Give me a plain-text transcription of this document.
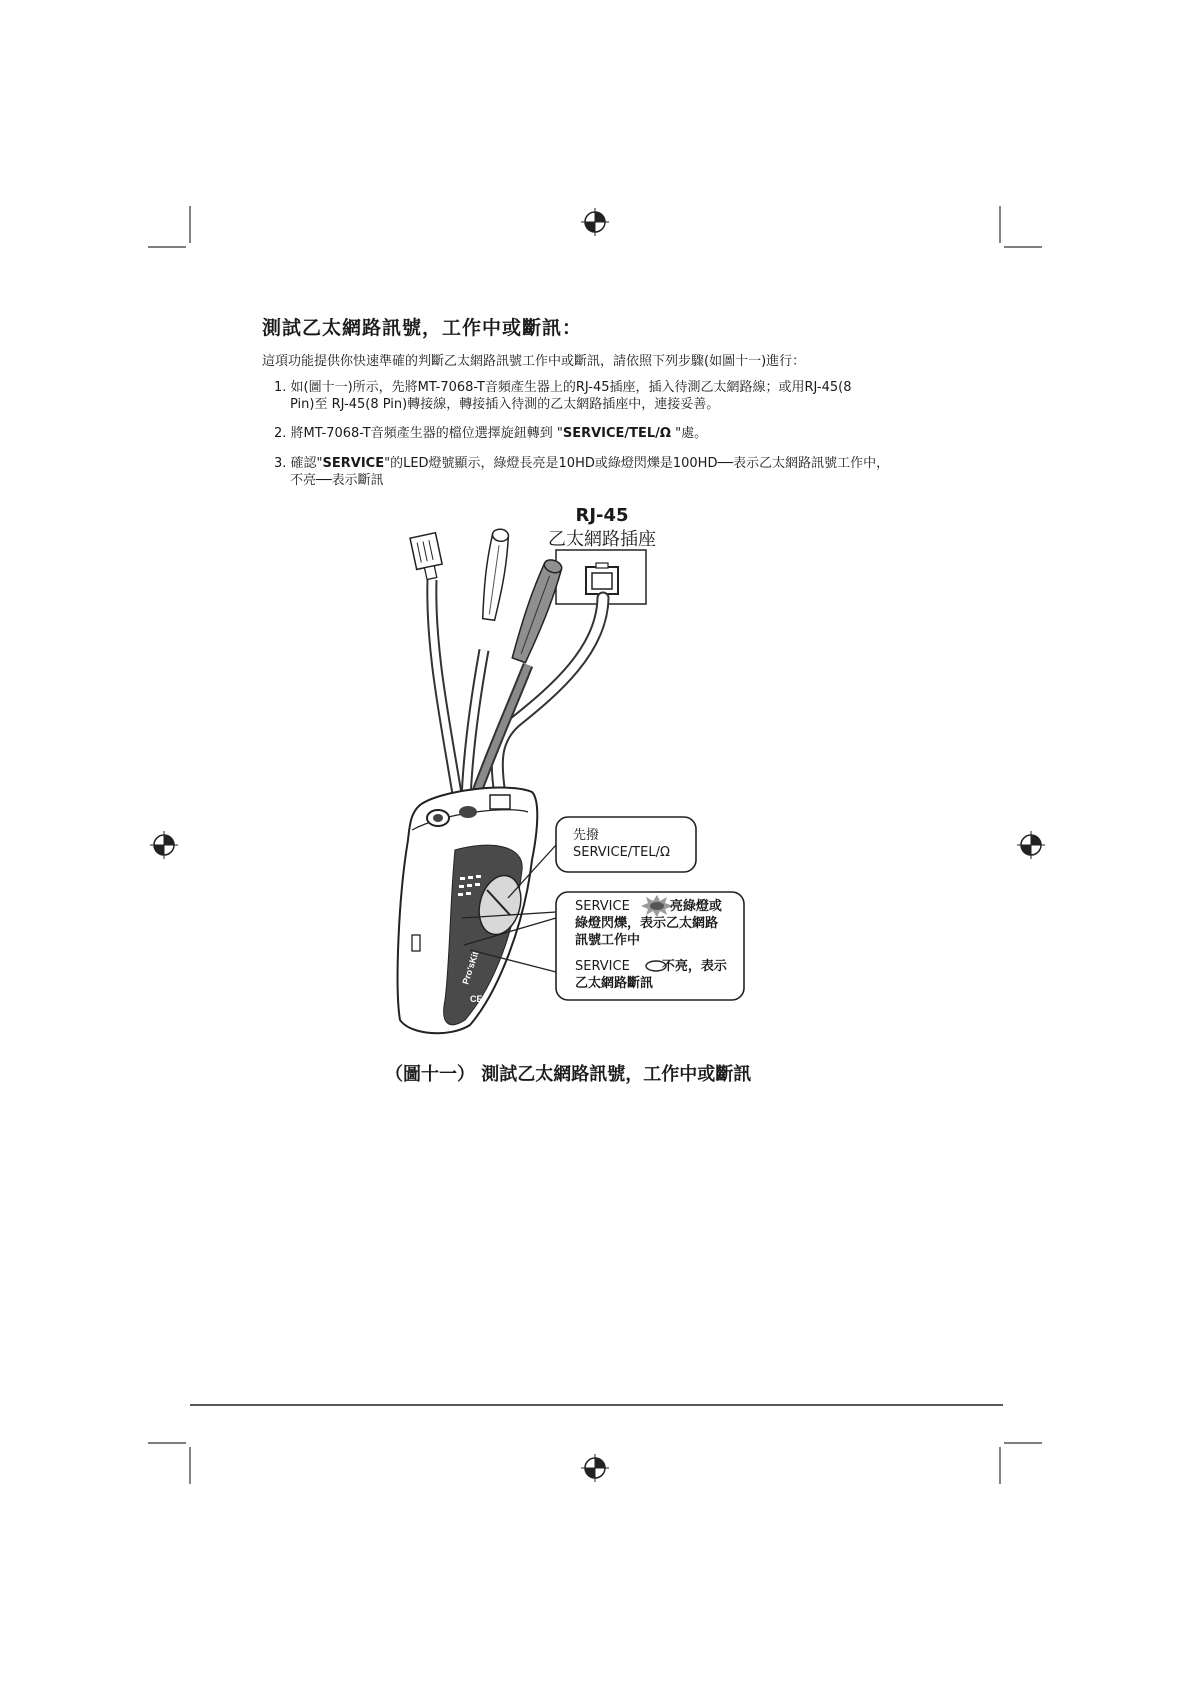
Pro'sKit
CE
測試乙太網路訊號，工作中或斷訊：
這項功能提供你快速準確的判斷乙太網路訊號工作中或斷訊，請依照下列步驟(如圖十一)進行：
1. 如(圖十一)所示，先將MT-7068-T音頻產生器上的RJ-45插座，插入待測乙太網路線；或用RJ-45(8
Pin)至 RJ-45(8 Pin)轉接線，轉接插入待測的乙太網路插座中，連接妥善。
2. 將MT-7068-T音頻產生器的檔位選擇旋鈕轉到 "SERVICE/TEL/Ω "處。
3. 確認"SERVICE"的LED燈號顯示，綠燈長亮是10HD或綠燈閃爍是100HD──表示乙太網路訊號工作中，
不亮──表示斷訊
RJ-45
乙太網路插座
先撥
SERVICE/TEL/Ω
SERVICE	亮綠燈或
綠燈閃爍，表示乙太網路
訊號工作中
SERVICE 不亮，表示
乙太網路斷訊
（圖十一） 測試乙太網路訊號，工作中或斷訊
